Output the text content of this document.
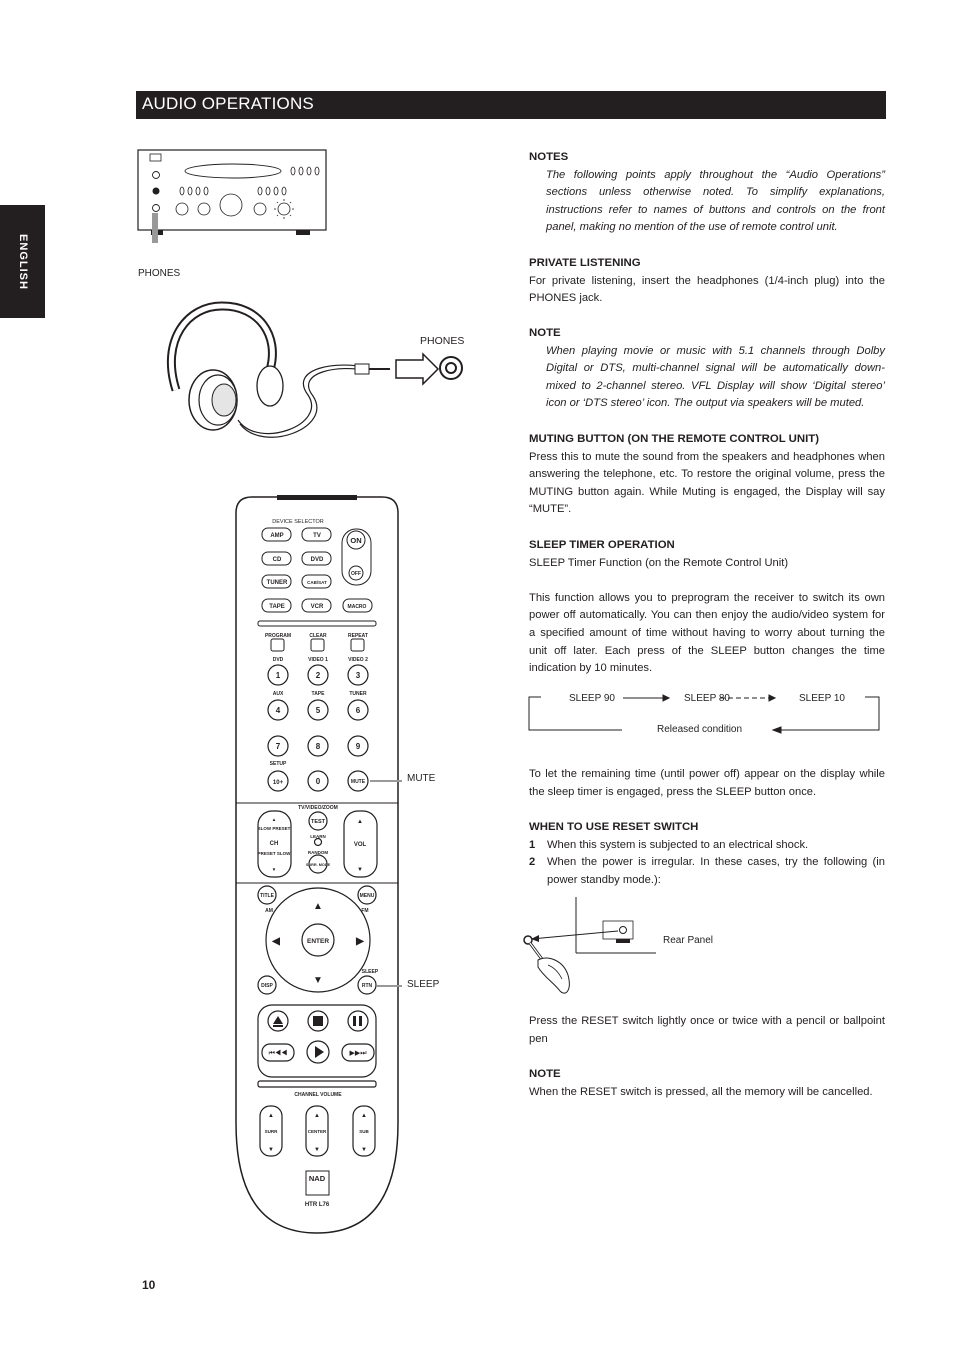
AUDIO OPERATIONS
ENGLISH	PHONES
PHONES
DEVICE SELECTOR
AMP	TV
CD	DVD
TUNER	CAB/SAT
TAPE	VCR	MACRO
ON
OFF
PROGRAM	CLEAR	REPEAT
DVD	VIDEO 1	VIDEO 2
AUX	TAPE	TUNER
SETUP
1	2	3
4	5	6
7	8	9
10+	0	MUTE
TV/VIDEO/ZOOM
▲
SLOW PRESET
CH
PRESET SLOW
▼
▲
VOL
▼
TEST
LEARN
RANDOM
SURR. MODE
TITLE	MENU
AM	FM
ENTER
SLEEP
DISP	RTN
▲
▼
◀	▶
⏮◀◀	▶▶⏭
CHANNEL VOLUME
▲
SURR
▼
▲
CENTER
▼
▲
SUB
▼
NAD
HTR L76
MUTE
SLEEP

NOTES

The following points apply throughout the “Audio Operations” sections unless otherwise noted. To simplify explanations, instructions refer to names of buttons and controls on the front panel, making no mention of the use of remote control unit.

PRIVATE LISTENING

For private listening, insert the headphones (1/4-inch plug) into the PHONES jack.

NOTE

When playing movie or music with 5.1 channels through Dolby Digital or DTS, multi-channel signal will be automatically down-mixed to 2-channel stereo. VFL Display will show ‘Digital stereo’ icon or ‘DTS stereo’ icon. The output via speakers will be muted.

MUTING BUTTON (ON THE REMOTE CONTROL UNIT)

Press this to mute the sound from the speakers and headphones when answering the telephone, etc. To restore the original volume, press the MUTING button again. While Muting is engaged, the Display will say “MUTE”.

SLEEP TIMER OPERATION

SLEEP Timer Function (on the Remote Control Unit)

This function allows you to preprogram the receiver to switch its own power off automatically. You can then enjoy the audio/video system for a specified amount of time without having to worry about turning the unit off later. Each press of the SLEEP button changes the time indication by 10 minutes.

SLEEP 90	SLEEP 80	SLEEP 10
Released condition

To let the remaining time (until power off) appear on the display while the sleep timer is engaged, press the SLEEP button once.

WHEN TO USE RESET SWITCH

1	When this system is subjected to an electrical shock.
2	When the power is irregular. In these cases, try the following (in power standby mode.):
Rear Panel

Press the RESET switch lightly once or twice with a pencil or ballpoint pen

NOTE

When the RESET switch is pressed, all the memory will be cancelled.

10
